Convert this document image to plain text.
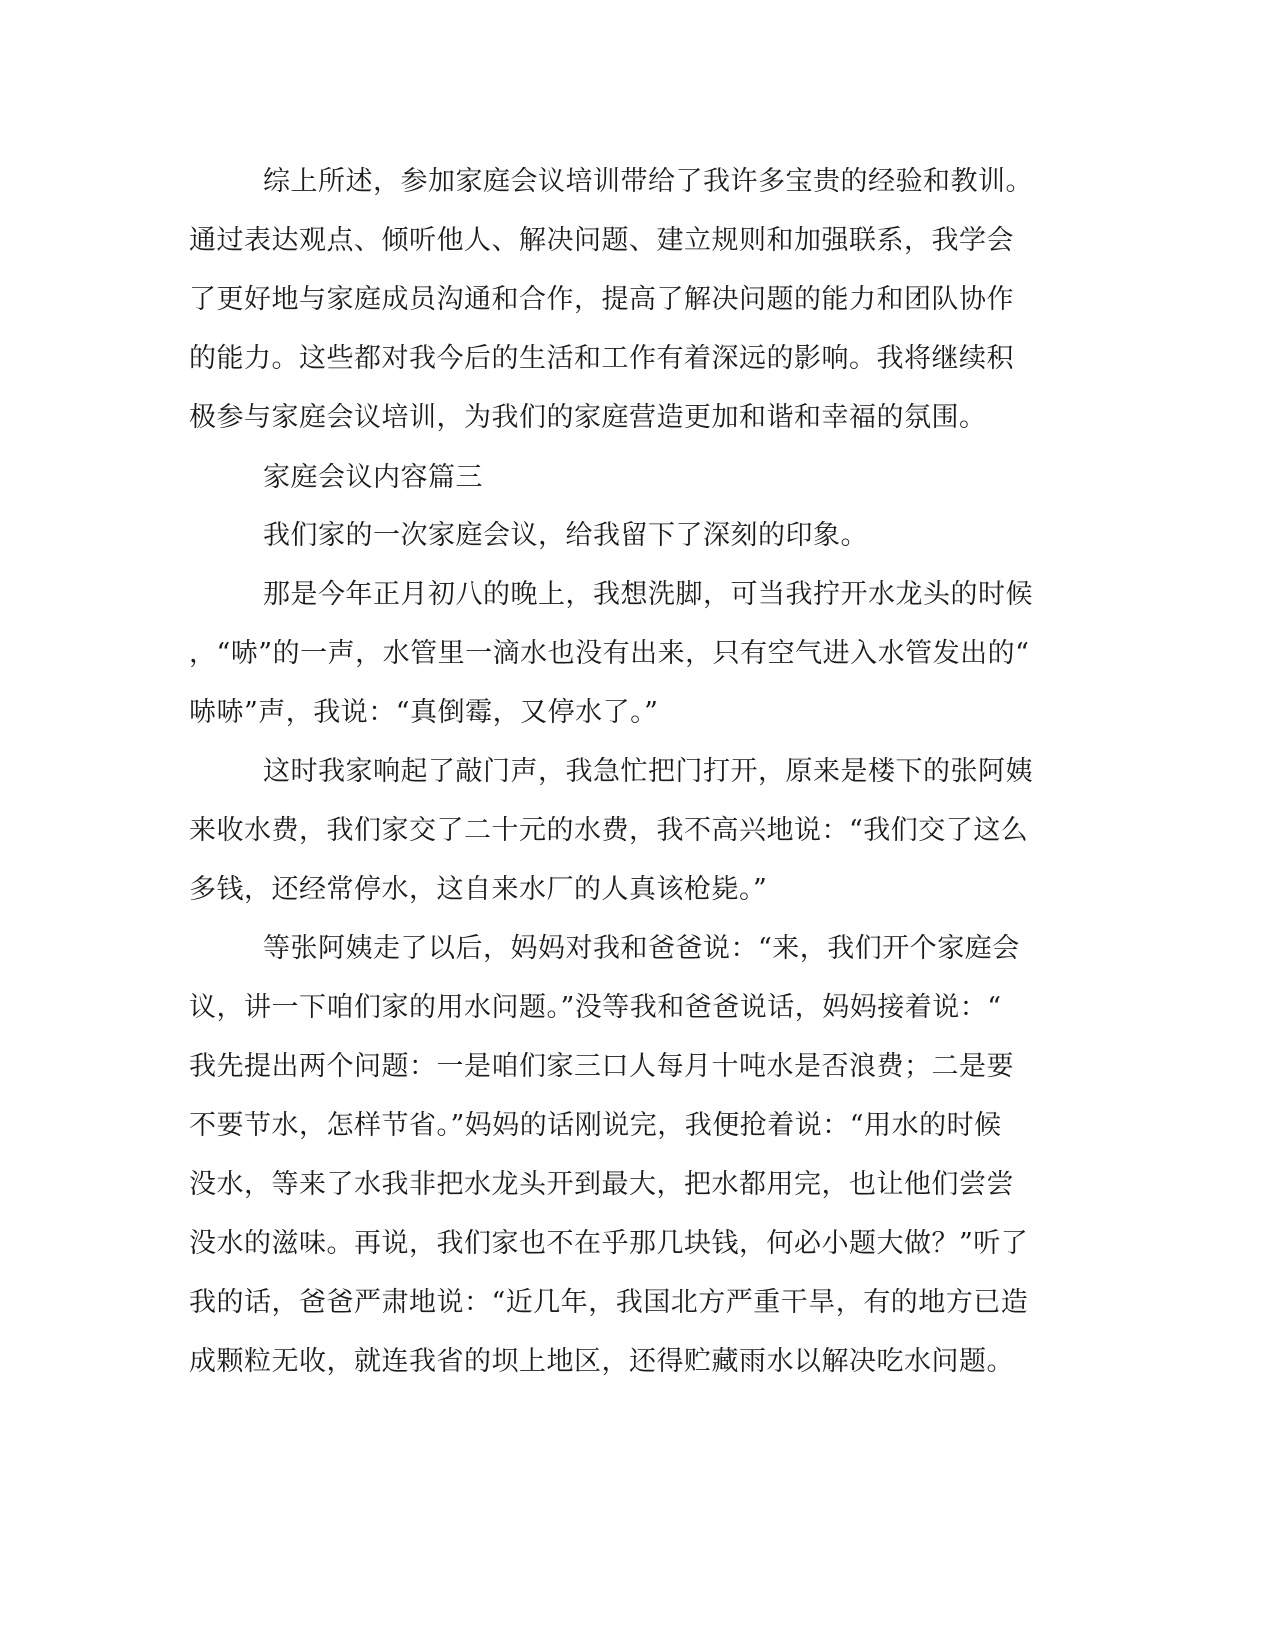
综上所述，参加家庭会议培训带给了我许多宝贵的经验和教训。

通过表达观点、倾听他人、解决问题、建立规则和加强联系，我学会

了更好地与家庭成员沟通和合作，提高了解决问题的能力和团队协作

的能力。这些都对我今后的生活和工作有着深远的影响。我将继续积

极参与家庭会议培训，为我们的家庭营造更加和谐和幸福的氛围。

家庭会议内容篇三

我们家的一次家庭会议，给我留下了深刻的印象。

那是今年正月初八的晚上，我想洗脚，可当我拧开水龙头的时候

，“哧”的一声，水管里一滴水也没有出来，只有空气进入水管发出的“

哧哧”声，我说：“真倒霉，又停水了。”

这时我家响起了敲门声，我急忙把门打开，原来是楼下的张阿姨

来收水费，我们家交了二十元的水费，我不高兴地说：“我们交了这么

多钱，还经常停水，这自来水厂的人真该枪毙。”

等张阿姨走了以后，妈妈对我和爸爸说：“来，我们开个家庭会

议，讲一下咱们家的用水问题。”没等我和爸爸说话，妈妈接着说：“

我先提出两个问题：一是咱们家三口人每月十吨水是否浪费；二是要

不要节水，怎样节省。”妈妈的话刚说完，我便抢着说：“用水的时候

没水，等来了水我非把水龙头开到最大，把水都用完，也让他们尝尝

没水的滋味。再说，我们家也不在乎那几块钱，何必小题大做？”听了

我的话，爸爸严肃地说：“近几年，我国北方严重干旱，有的地方已造

成颗粒无收，就连我省的坝上地区，还得贮藏雨水以解决吃水问题。
